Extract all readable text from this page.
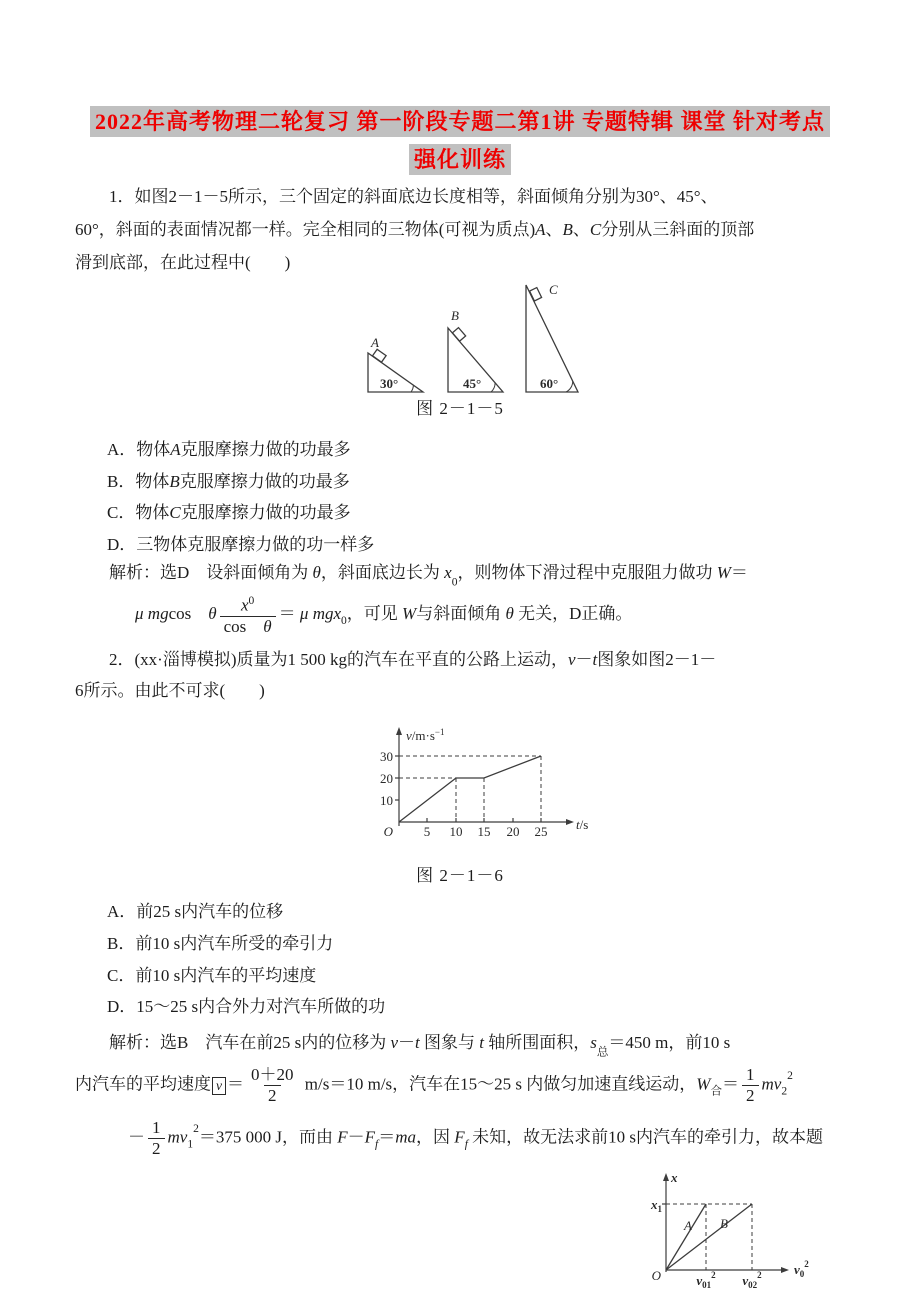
2022年高考物理二轮复习 第一阶段专题二第1讲 专题特辑 课堂 针对考点
强化训练
1．如图2－1－5所示，三个固定的斜面底边长度相等，斜面倾角分别为30°、45°、
60°，斜面的表面情况都一样。完全相同的三物体(可视为质点)A、B、C分别从三斜面的顶部
滑到底部，在此过程中(　　)
30°	45°	60°
A
B
C
图 2－1－5
A．物体A克服摩擦力做的功最多
B．物体B克服摩擦力做的功最多
C．物体C克服摩擦力做的功最多
D．三物体克服摩擦力做的功一样多
解析：选D　设斜面倾角为 θ，斜面底边长为 $x_0$，则物体下滑过程中克服阻力做功 W＝
μ mgcos　θ $\frac{x^0}{\text{cos　θ}} = \mu$ mgx$_0$，可见 W与斜面倾角 θ 无关，D正确。
2．(xx·淄博模拟)质量为1 500 kg的汽车在平直的公路上运动，v－t图象如图2－1－
6所示。由此不可求(　　)
$v/m\cdot s^{-1}$
t/s
10
20
30
5 10 15 20 25
O
图 2－1－6
A．前25 s内汽车的位移
B．前10 s内汽车所受的牵引力
C．前10 s内汽车的平均速度
D．15～25 s内合外力对汽车所做的功
解析：选B　汽车在前25 s内的位移为 v－t 图象与 t 轴所围面积，$s_总=450$ m，前10 s
内汽车的平均速度 $v = \frac{0+20}{2} m/s=10$ m/s，汽车在15～25 s 内做匀加速直线运动，$W_合= \frac{1}{2} mv_2^2$
－ $\frac{1}{2} mv_1^2=375$ 000 J，而由 $F-F_f=ma$，因 $F_f$ 未知，故无法求前10 s内汽车的牵引力，故本题
x
$x_1$
A B
$v_0^2$
$v_{01}^2$ $v_{02}^2$
O
